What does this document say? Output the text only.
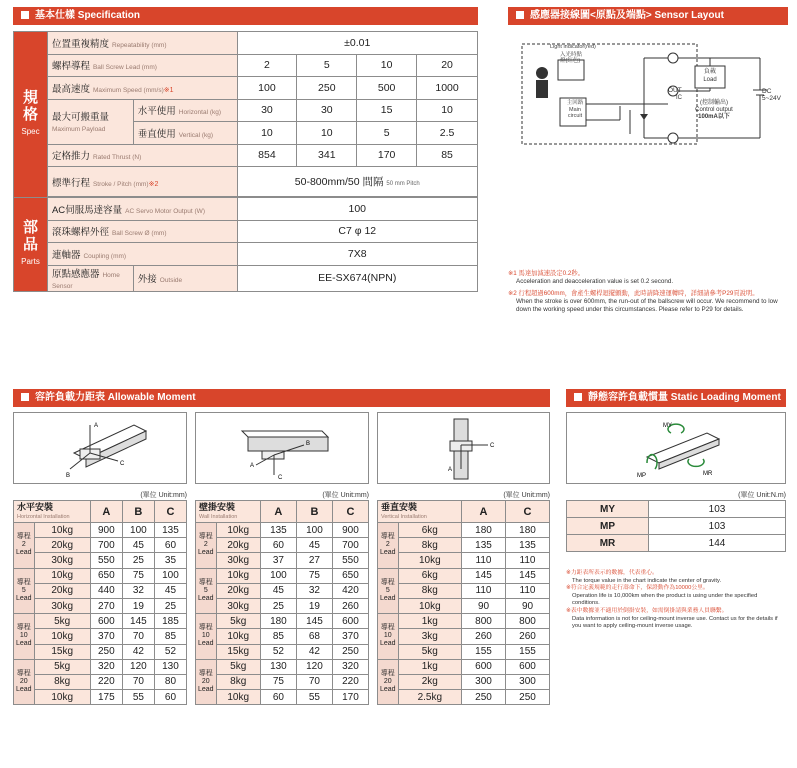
基本仕樣 Specification	感應器接線圖<原點及端點> Sensor Layout
規格
Spec	位置重複精度 Repeatability (mm)		±0.01			
	螺桿導程 Ball Screw Lead (mm)		2	5	10	20
	最高速度 Maximum Speed (mm/s)※1		100	250	500	1000
	最大可搬重量
Maximum Payload	水平使用 Horizontal (kg)	30	30	15	10
		垂直使用 Vertical (kg)	10	10	5	2.5
	定格推力 Rated Thrust (N)		854	341	170	85
	標準行程 Stroke / Pitch (mm)※2		50-800mm/50 間隔 50 mm Pitch			

部品
Parts	AC伺服馬達容量 AC Servo Motor Output (W)		100			
	滾珠螺桿外徑 Ball Screw Ø (mm)		C7 φ 12			
	連軸器 Coupling (mm)		7X8			
	原點感應器 Home Sensor	外接 Outside	EE-SX674(NPN)			
Light indicator(red)
入光時點燈(紅色)
主回路
Main circuit
負載
Load
OUT
IC
(控制輸出)
Control output
100mA以下
DC 5~24V
※1 馬達加減速設定0.2秒。
Acceleration and deacceleration value is set 0.2 second.
※2 行程超過600mm，會產生螺桿迴擺顫動，此時請降速運轉時，詳細請參考P29頁說明。
When the stroke is over 600mm, the run-out of the ballscrew will occur. We recommend to low down the working speed under this circumstances. Please refer to P29 for details.
容許負載力距表 Allowable Moment	靜態容許負載慣量 Static Loading Moment
A
B
C	A
C
B
A
C
MY
MP	MR
(單位 Unit:mm)	(單位 Unit:mm)	(單位 Unit:mm)	(單位 Unit:N.m)
水平安裝
Horizontal Installation		A	B	C
導程 2 Lead	10kg	900	100	135
	20kg	700	45	60
	30kg	550	25	35
導程 5 Lead	10kg	650	75	100
	20kg	440	32	45
	30kg	270	19	25
導程 10 Lead	5kg	600	145	185
	10kg	370	70	85
	15kg	250	42	52
導程 20 Lead	5kg	320	120	130
	8kg	220	70	80
	10kg	175	55	60
壁掛安裝
Wall Installation		A	B	C
導程 2 Lead	10kg	135	100	900
	20kg	60	45	700
	30kg	37	27	550
導程 5 Lead	10kg	100	75	650
	20kg	45	32	420
	30kg	25	19	260
導程 10 Lead	5kg	180	145	600
	10kg	85	68	370
	15kg	52	42	250
導程 20 Lead	5kg	130	120	320
	8kg	75	70	220
	10kg	60	55	170
垂直安裝
Vertical Installation		A	C
導程 2 Lead	6kg	180	180
	8kg	135	135
	10kg	110	110
導程 5 Lead	6kg	145	145
	8kg	110	110
	10kg	90	90
導程 10 Lead	1kg	800	800
	3kg	260	260
	5kg	155	155
導程 20 Lead	1kg	600	600
	2kg	300	300
	2.5kg	250	250
MY	103
MP	103
MR	144
※力距表所表示的數據，代表重心。
The torque value in the chart indicate the center of gravity.
※符合定義規範的走行壽命下，保證動作為10000公里。
Operation life is 10,000km when the product is using under the specified conditions.
※表中數據並不適用於倒掛安裝，如需倒掛請與業務人員聯繫。
Data information is not for ceiling-mount inverse use. Contact us for the details if you want to apply ceiling-mount inverse usage.
